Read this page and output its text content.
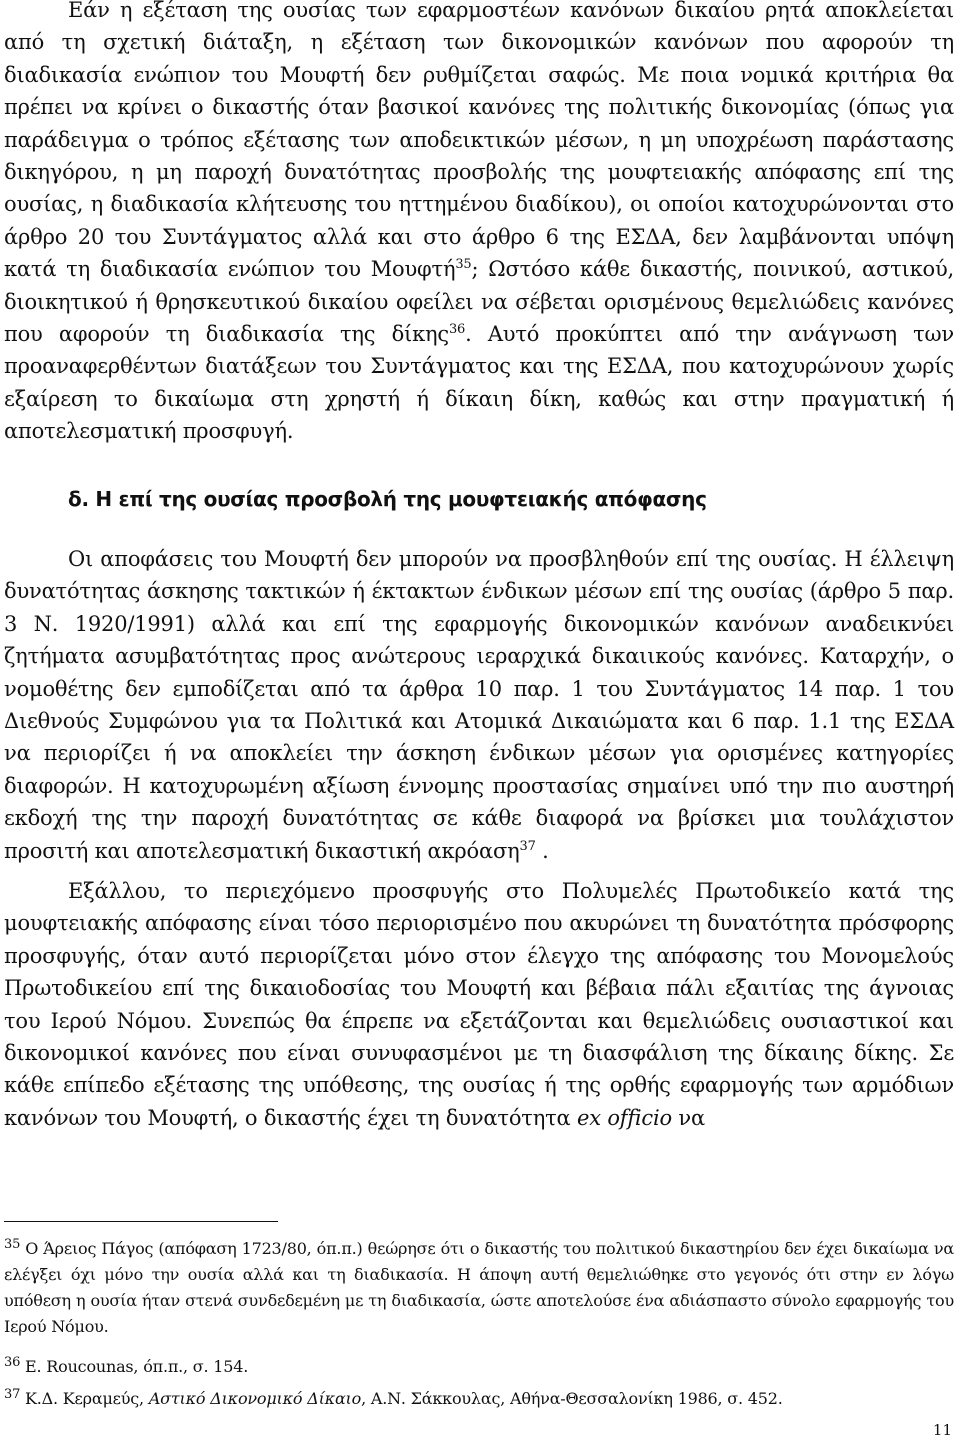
Εάν η εξέταση της ουσίας των εφαρμοστέων κανόνων δικαίου ρητά αποκλείεται από τη σχετική διάταξη, η εξέταση των δικονομικών κανόνων που αφορούν τη διαδικασία ενώπιον του Μουφτή δεν ρυθμίζεται σαφώς. Με ποια νομικά κριτήρια θα πρέπει να κρίνει ο δικαστής όταν βασικοί κανόνες της πολιτικής δικονομίας (όπως για παράδειγμα ο τρόπος εξέτασης των αποδεικτικών μέσων, η μη υποχρέωση παράστασης δικηγόρου, η μη παροχή δυνατότητας προσβολής της μουφτειακής απόφασης επί της ουσίας, η διαδικασία κλήτευσης του ηττημένου διαδίκου), οι οποίοι κατοχυρώνονται στο άρθρο 20 του Συντάγματος αλλά και στο άρθρο 6 της ΕΣΔΑ, δεν λαμβάνονται υπόψη κατά τη διαδικασία ενώπιον του Μουφτή$^{35}$; Ωστόσο κάθε δικαστής, ποινικού, αστικού, διοικητικού ή θρησκευτικού δικαίου οφείλει να σέβεται ορισμένους θεμελιώδεις κανόνες που αφορούν τη διαδικασία της δίκης$^{36}$. Αυτό προκύπτει από την ανάγνωση των προαναφερθέντων διατάξεων του Συντάγματος και της ΕΣΔΑ, που κατοχυρώνουν χωρίς εξαίρεση το δικαίωμα στη χρηστή ή δίκαιη δίκη, καθώς και στην πραγματική ή αποτελεσματική προσφυγή.

δ. Η επί της ουσίας προσβολή της μουφτειακής απόφασης

Οι αποφάσεις του Μουφτή δεν μπορούν να προσβληθούν επί της ουσίας. Η έλλειψη δυνατότητας άσκησης τακτικών ή έκτακτων ένδικων μέσων επί της ουσίας (άρθρο 5 παρ. 3 Ν. 1920/1991) αλλά και επί της εφαρμογής δικονομικών κανόνων αναδεικνύει ζητήματα ασυμβατότητας προς ανώτερους ιεραρχικά δικαιικούς κανόνες. Καταρχήν, ο νομοθέτης δεν εμποδίζεται από τα άρθρα 10 παρ. 1 του Συντάγματος 14 παρ. 1 του Διεθνούς Συμφώνου για τα Πολιτικά και Ατομικά Δικαιώματα και 6 παρ. 1.1 της ΕΣΔΑ να περιορίζει ή να αποκλείει την άσκηση ένδικων μέσων για ορισμένες κατηγορίες διαφορών. Η κατοχυρωμένη αξίωση έννομης προστασίας σημαίνει υπό την πιο αυστηρή εκδοχή της την παροχή δυνατότητας σε κάθε διαφορά να βρίσκει μια τουλάχιστον προσιτή και αποτελεσματική δικαστική ακρόαση$^{37}$ .

Εξάλλου, το περιεχόμενο προσφυγής στο Πολυμελές Πρωτοδικείο κατά της μουφτειακής απόφασης είναι τόσο περιορισμένο που ακυρώνει τη δυνατότητα πρόσφορης προσφυγής, όταν αυτό περιορίζεται μόνο στον έλεγχο της απόφασης του Μονομελούς Πρωτοδικείου επί της δικαιοδοσίας του Μουφτή και βέβαια πάλι εξαιτίας της άγνοιας του Ιερού Νόμου. Συνεπώς θα έπρεπε να εξετάζονται και θεμελιώδεις ουσιαστικοί και δικονομικοί κανόνες που είναι συνυφασμένοι με τη διασφάλιση της δίκαιης δίκης. Σε κάθε επίπεδο εξέτασης της υπόθεσης, της ουσίας ή της ορθής εφαρμογής των αρμόδιων κανόνων του Μουφτή, ο δικαστής έχει τη δυνατότητα ex officio να

$^{35}$ Ο Άρειος Πάγος (απόφαση 1723/80, όπ.π.) θεώρησε ότι ο δικαστής του πολιτικού δικαστηρίου δεν έχει δικαίωμα να ελέγξει όχι μόνο την ουσία αλλά και τη διαδικασία. Η άποψη αυτή θεμελιώθηκε στο γεγονός ότι στην εν λόγω υπόθεση η ουσία ήταν στενά συνδεδεμένη με τη διαδικασία, ώστε αποτελούσε ένα αδιάσπαστο σύνολο εφαρμογής του Ιερού Νόμου.

$^{36}$ E. Roucounas, όπ.π., σ. 154.

$^{37}$ Κ.Δ. Κεραμεύς, Αστικό Δικονομικό Δίκαιο, Α.Ν. Σάκκουλας, Αθήνα-Θεσσαλονίκη 1986, σ. 452.

11
